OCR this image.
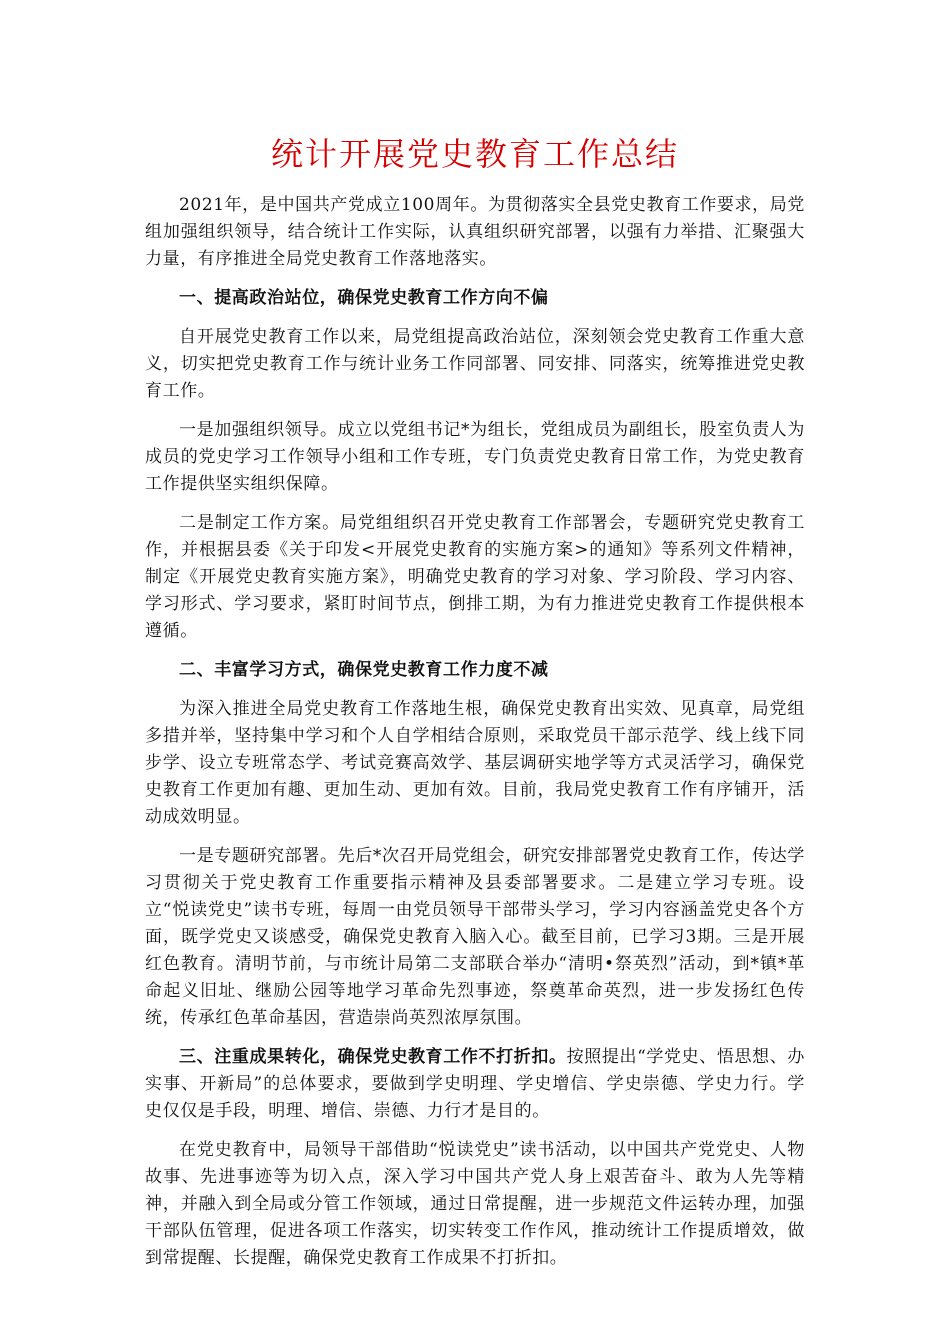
统计开展党史教育工作总结

2021年，是中国共产党成立100周年。为贯彻落实全县党史教育工作要求，局党组加强组织领导，结合统计工作实际，认真组织研究部署，以强有力举措、汇聚强大力量，有序推进全局党史教育工作落地落实。

一、提高政治站位，确保党史教育工作方向不偏

自开展党史教育工作以来，局党组提高政治站位，深刻领会党史教育工作重大意义，切实把党史教育工作与统计业务工作同部署、同安排、同落实，统筹推进党史教育工作。

一是加强组织领导。成立以党组书记*为组长，党组成员为副组长，股室负责人为成员的党史学习工作领导小组和工作专班，专门负责党史教育日常工作，为党史教育工作提供坚实组织保障。

二是制定工作方案。局党组组织召开党史教育工作部署会，专题研究党史教育工作，并根据县委《关于印发<开展党史教育的实施方案>的通知》等系列文件精神，制定《开展党史教育实施方案》，明确党史教育的学习对象、学习阶段、学习内容、学习形式、学习要求，紧盯时间节点，倒排工期，为有力推进党史教育工作提供根本遵循。

二、丰富学习方式，确保党史教育工作力度不减

为深入推进全局党史教育工作落地生根，确保党史教育出实效、见真章，局党组多措并举，坚持集中学习和个人自学相结合原则，采取党员干部示范学、线上线下同步学、设立专班常态学、考试竞赛高效学、基层调研实地学等方式灵活学习，确保党史教育工作更加有趣、更加生动、更加有效。目前，我局党史教育工作有序铺开，活动成效明显。

一是专题研究部署。先后*次召开局党组会，研究安排部署党史教育工作，传达学习贯彻关于党史教育工作重要指示精神及县委部署要求。二是建立学习专班。设立“悦读党史”读书专班，每周一由党员领导干部带头学习，学习内容涵盖党史各个方面，既学党史又谈感受，确保党史教育入脑入心。截至目前，已学习3期。三是开展红色教育。清明节前，与市统计局第二支部联合举办“清明•祭英烈”活动，到*镇*革命起义旧址、继励公园等地学习革命先烈事迹，祭奠革命英烈，进一步发扬红色传统，传承红色革命基因，营造崇尚英烈浓厚氛围。

三、注重成果转化，确保党史教育工作不打折扣。按照提出“学党史、悟思想、办实事、开新局”的总体要求，要做到学史明理、学史增信、学史崇德、学史力行。学史仅仅是手段，明理、增信、崇德、力行才是目的。

在党史教育中，局领导干部借助“悦读党史”读书活动，以中国共产党党史、人物故事、先进事迹等为切入点，深入学习中国共产党人身上艰苦奋斗、敢为人先等精神，并融入到全局或分管工作领域，通过日常提醒，进一步规范文件运转办理，加强干部队伍管理，促进各项工作落实，切实转变工作作风，推动统计工作提质增效，做到常提醒、长提醒，确保党史教育工作成果不打折扣。
